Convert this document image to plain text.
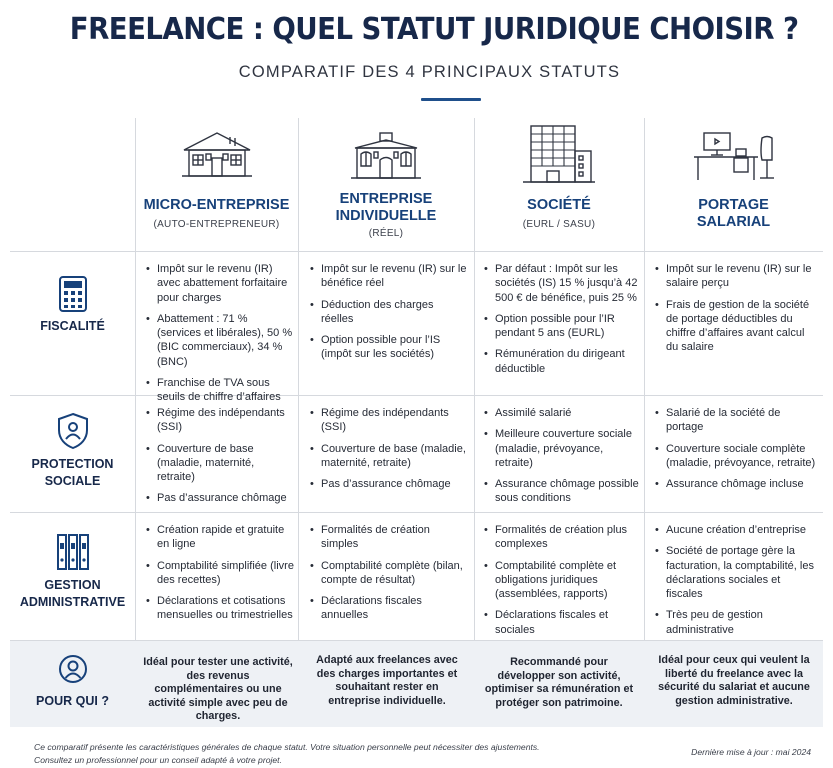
FREELANCE : QUEL STATUT JURIDIQUE CHOISIR ?
COMPARATIF DES 4 PRINCIPAUX STATUTS
MICRO-ENTREPRISE
(AUTO-ENTREPRENEUR)
ENTREPRISE
INDIVIDUELLE
(RÉEL)
SOCIÉTÉ
(EURL / SASU)
PORTAGE
SALARIAL
FISCALITÉ
PROTECTION
SOCIALE
GESTION
ADMINISTRATIVE
• Impôt sur le revenu (IR) avec abattement forfaitaire pour charges
• Abattement : 71 % (services et libérales), 50 % (BIC commerciaux), 34 % (BNC)
• Franchise de TVA sous seuils de chiffre d’affaires
• Impôt sur le revenu (IR) sur le bénéfice réel
• Déduction des charges réelles
• Option possible pour l’IS (impôt sur les sociétés)
• Par défaut : Impôt sur les sociétés (IS) 15 % jusqu’à 42 500 € de bénéfice, puis 25 %
• Option possible pour l’IR pendant 5 ans (EURL)
• Rémunération du dirigeant déductible
• Impôt sur le revenu (IR) sur le salaire perçu
• Frais de gestion de la société de portage déductibles du chiffre d’affaires avant calcul du salaire
• Régime des indépendants (SSI)
• Couverture de base (maladie, maternité, retraite)
• Pas d’assurance chômage
• Régime des indépendants (SSI)
• Couverture de base (maladie, maternité, retraite)
• Pas d’assurance chômage
• Assimilé salarié
• Meilleure couverture sociale (maladie, prévoyance, retraite)
• Assurance chômage possible sous conditions
• Salarié de la société de portage
• Couverture sociale complète (maladie, prévoyance, retraite)
• Assurance chômage incluse
• Création rapide et gratuite en ligne
• Comptabilité simplifiée (livre des recettes)
• Déclarations et cotisations mensuelles ou trimestrielles
• Formalités de création simples
• Comptabilité complète (bilan, compte de résultat)
• Déclarations fiscales annuelles
• Formalités de création plus complexes
• Comptabilité complète et obligations juridiques (assemblées, rapports)
• Déclarations fiscales et sociales
• Aucune création d’entreprise
• Société de portage gère la facturation, la comptabilité, les déclarations sociales et fiscales
• Très peu de gestion administrative
POUR QUI ?
Idéal pour tester une activité, des revenus complémentaires ou une activité simple avec peu de charges.
Adapté aux freelances avec des charges importantes et souhaitant rester en entreprise individuelle.
Recommandé pour développer son activité, optimiser sa rémunération et protéger son patrimoine.
Idéal pour ceux qui veulent la liberté du freelance avec la sécurité du salariat et aucune gestion administrative.
Ce comparatif présente les caractéristiques générales de chaque statut. Votre situation personnelle peut nécessiter des ajustements.
Consultez un professionnel pour un conseil adapté à votre projet.
Dernière mise à jour : mai 2024
